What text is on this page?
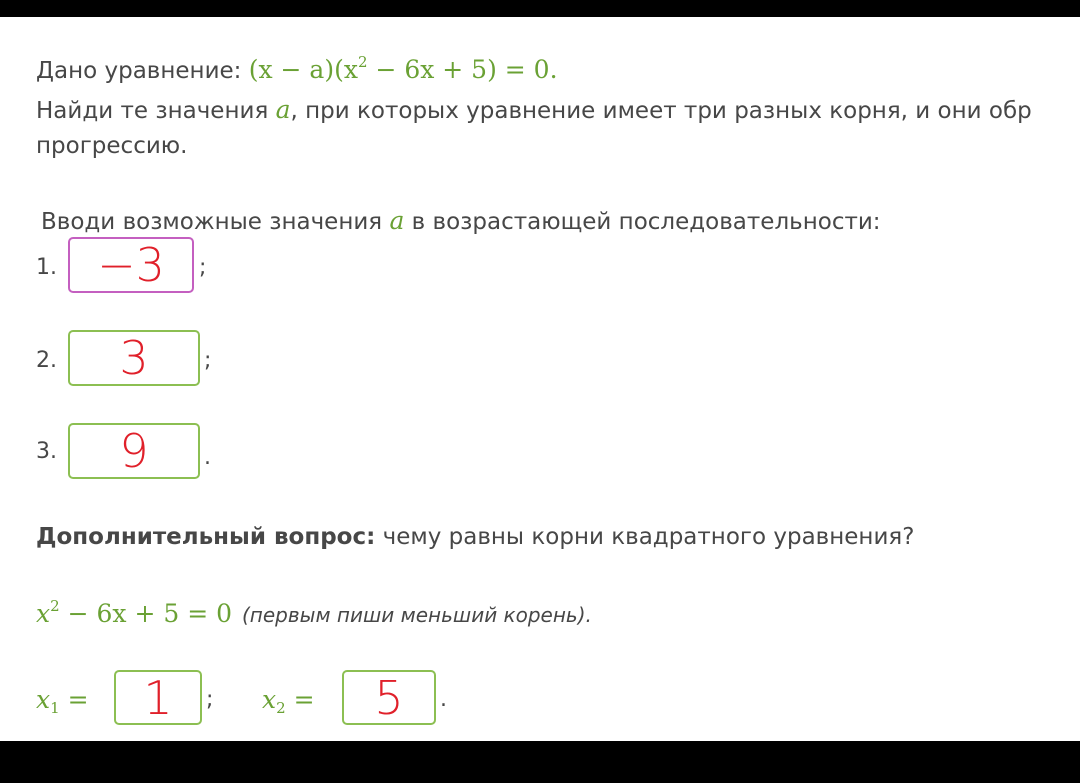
Дано уравнение: $(x - a)(x^2 - 6x + 5) = 0$.
Найди те значения a, при которых уравнение имеет три разных корня, и они обр
прогрессию.
Вводи возможные значения a в возрастающей последовательности:
1. −3 ;
2. 3	;
3. 9	.
Дополнительный вопрос: чему равны корни квадратного уравнения?
$x^2 - 6x + 5 = 0$ (первым пиши меньший корень).
$x_1 = 1$ ; $x_2 = 5$ .
